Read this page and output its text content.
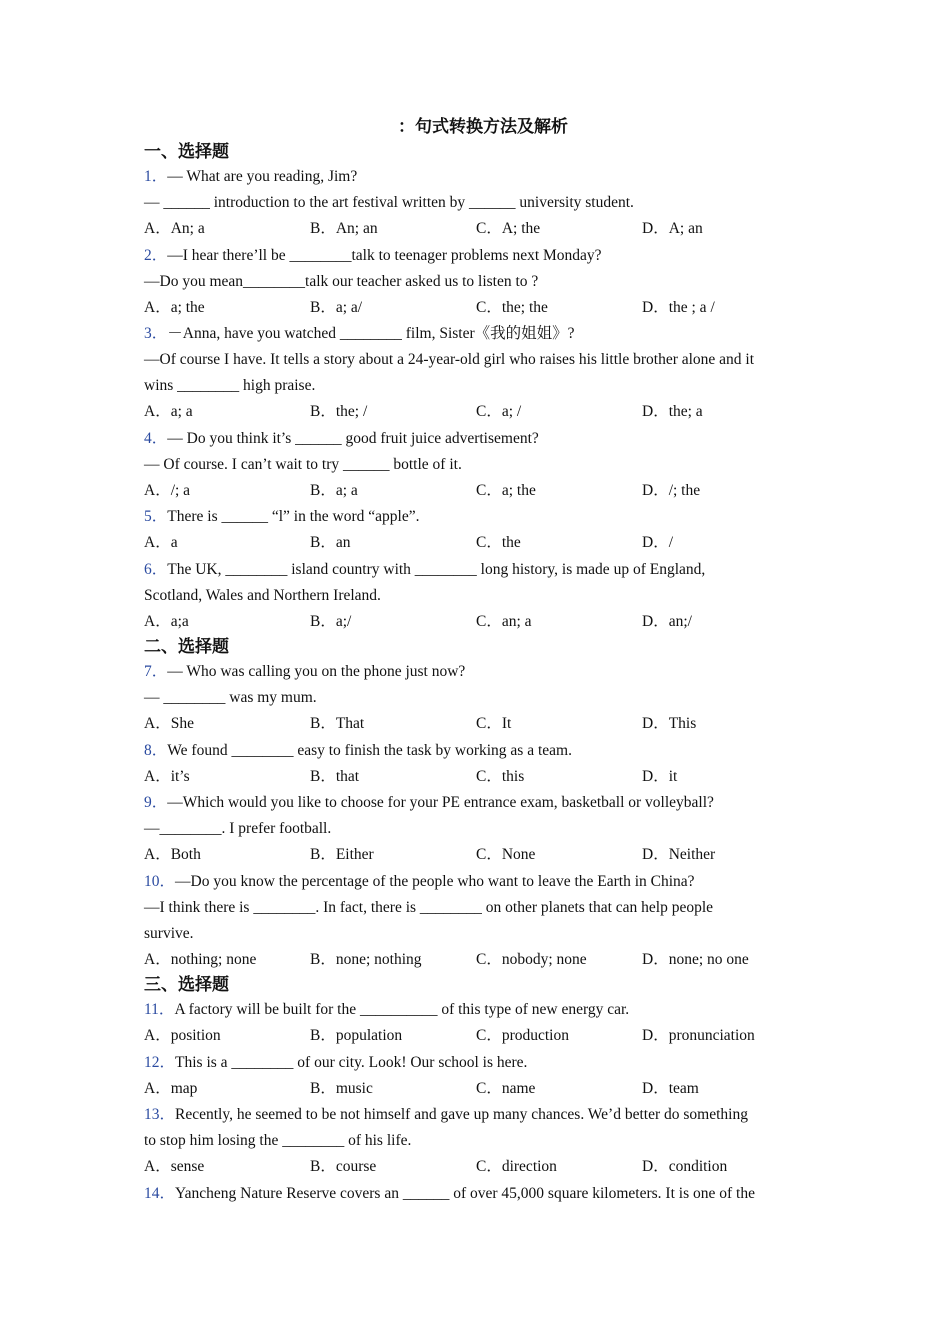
：句式转换方法及解析
一、选择题
1．— What are you reading, Jim?
— ______ introduction to the art festival written by ______ university student.
A．An; a	B．An; an	C．A; the	D．A; an
2．—I hear there’ll be ________talk to teenager problems next Monday?
—Do you mean________talk our teacher asked us to listen to ?
A．a; the	B．a; a/	C．the; the	D．the ; a /
3．－Anna, have you watched ________ film, Sister《我的姐姐》?
—Of course I have. It tells a story about a 24-year-old girl who raises his little brother alone and it
wins ________ high praise.
A．a; a	B．the; /	C．a; /	D．the; a
4．— Do you think it’s ______ good fruit juice advertisement?
— Of course. I can’t wait to try ______ bottle of it.
A．/; a	B．a; a	C．a; the	D．/; the
5．There is ______ “l” in the word “apple”.
A．a	B．an	C．the	D．/
6．The UK, ________ island country with ________ long history, is made up of England,
Scotland, Wales and Northern Ireland.
A．a;a	B．a;/	C．an; a	D．an;/
二、选择题
7．— Who was calling you on the phone just now?
— ________ was my mum.
A．She	B．That	C．It	D．This
8．We found ________ easy to finish the task by working as a team.
A．it’s	B．that	C．this	D．it
9．—Which would you like to choose for your PE entrance exam, basketball or volleyball?
—________. I prefer football.
A．Both	B．Either	C．None	D．Neither
10．—Do you know the percentage of the people who want to leave the Earth in China?
—I think there is ________. In fact, there is ________ on other planets that can help people
survive.
A．nothing; none	B．none; nothing	C．nobody; none	D．none; no one
三、选择题
11．A factory will be built for the __________ of this type of new energy car.
A．position	B．population	C．production	D．pronunciation
12．This is a ________ of our city. Look! Our school is here.
A．map	B．music	C．name	D．team
13．Recently, he seemed to be not himself and gave up many chances. We’d better do something
to stop him losing the ________ of his life.
A．sense	B．course	C．direction	D．condition
14．Yancheng Nature Reserve covers an ______ of over 45,000 square kilometers. It is one of the
